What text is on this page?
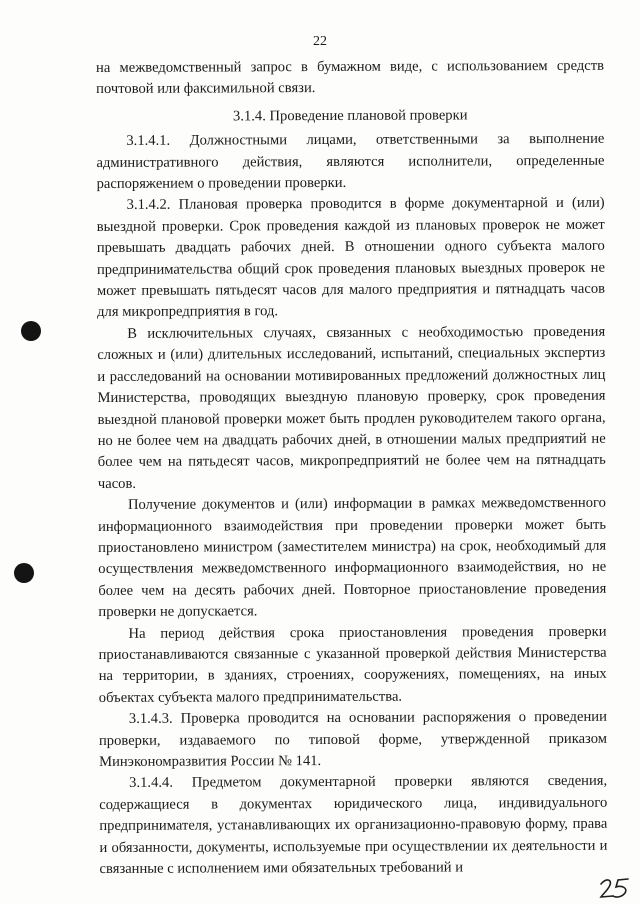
22

на межведомственный запрос в бумажном виде, с использованием средств почтовой или факсимильной связи.

3.1.4. Проведение плановой проверки

3.1.4.1. Должностными лицами, ответственными за выполнение административного действия, являются исполнители, определенные распоряжением о проведении проверки.

3.1.4.2. Плановая проверка проводится в форме документарной и (или) выездной проверки. Срок проведения каждой из плановых проверок не может превышать двадцать рабочих дней. В отношении одного субъекта малого предпринимательства общий срок проведения плановых выездных проверок не может превышать пятьдесят часов для малого предприятия и пятнадцать часов для микропредприятия в год.

В исключительных случаях, связанных с необходимостью проведения сложных и (или) длительных исследований, испытаний, специальных экспертиз и расследований на основании мотивированных предложений должностных лиц Министерства, проводящих выездную плановую проверку, срок проведения выездной плановой проверки может быть продлен руководителем такого органа, но не более чем на двадцать рабочих дней, в отношении малых предприятий не более чем на пятьдесят часов, микропредприятий не более чем на пятнадцать часов.

Получение документов и (или) информации в рамках межведомственного информационного взаимодействия при проведении проверки может быть приостановлено министром (заместителем министра) на срок, необходимый для осуществления межведомственного информационного взаимодействия, но не более чем на десять рабочих дней. Повторное приостановление проведения проверки не допускается.

На период действия срока приостановления проведения проверки приостанавливаются связанные с указанной проверкой действия Министерства на территории, в зданиях, строениях, сооружениях, помещениях, на иных объектах субъекта малого предпринимательства.

3.1.4.3. Проверка проводится на основании распоряжения о проведении проверки, издаваемого по типовой форме, утвержденной приказом Минэкономразвития России № 141.

3.1.4.4. Предметом документарной проверки являются сведения, содержащиеся в документах юридического лица, индивидуального предпринимателя, устанавливающих их организационно-правовую форму, права и обязанности, документы, используемые при осуществлении их деятельности и связанные с исполнением ими обязательных требований и
